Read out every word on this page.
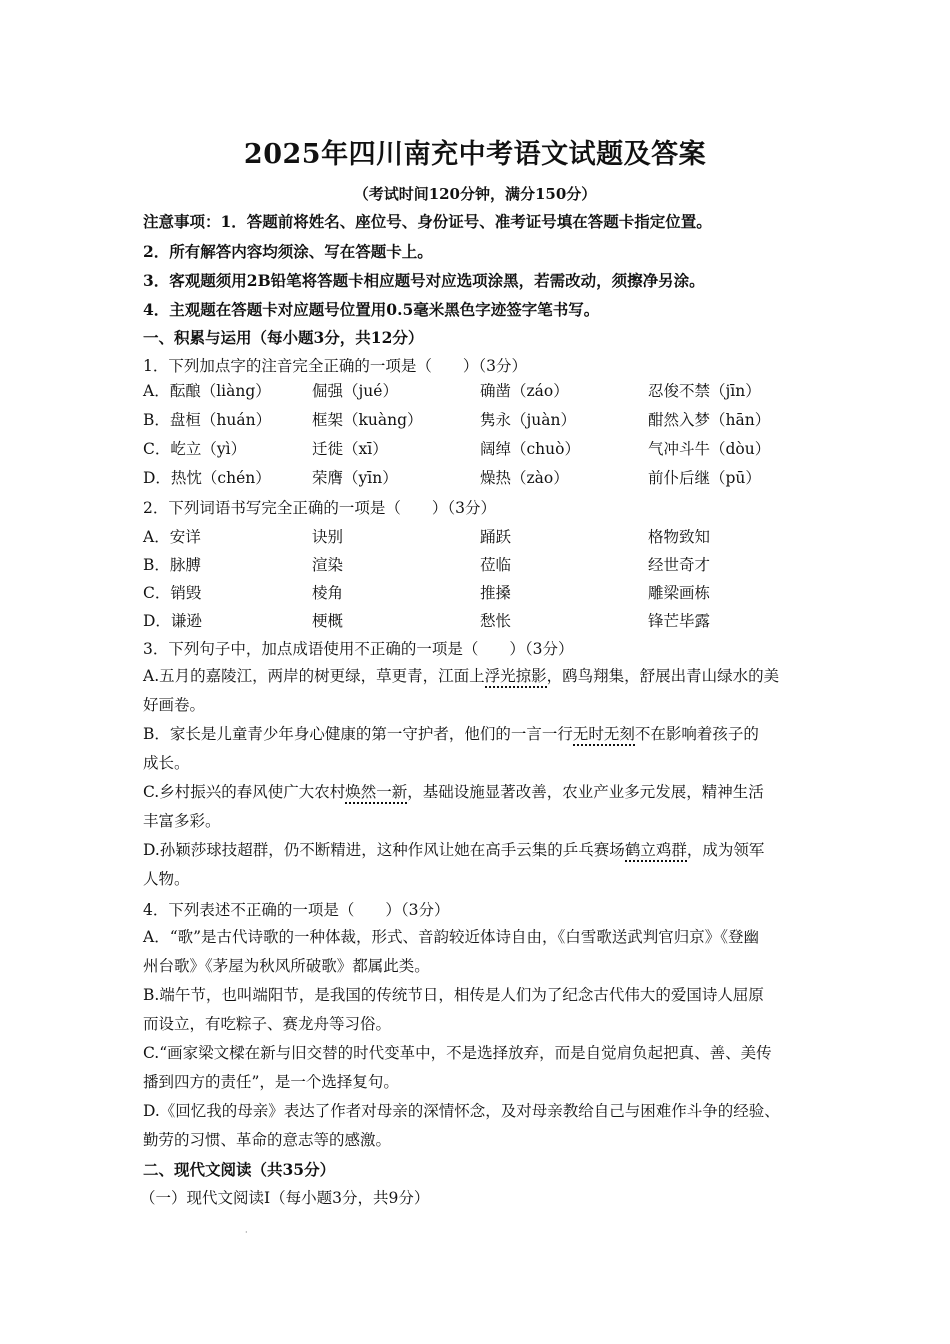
2025年四川南充中考语文试题及答案
（考试时间120分钟，满分150分）
注意事项：1．答题前将姓名、座位号、身份证号、准考证号填在答题卡指定位置。
2．所有解答内容均须涂、写在答题卡上。
3．客观题须用2B铅笔将答题卡相应题号对应选项涂黑，若需改动，须擦净另涂。
4．主观题在答题卡对应题号位置用0.5毫米黑色字迹签字笔书写。
一、积累与运用（每小题3分，共12分）
1．下列加点字的注音完全正确的一项是（　　）（3分）
A．酝酿（liàng）	倔强（jué）	确凿（záo）	忍俊不禁（jīn）
B．盘桓（huán）	框架（kuàng）	隽永（juàn）	酣然入梦（hān）
C．屹立（yì）	迁徙（xī）	阔绰（chuò）	气冲斗牛（dòu）
D．热忱（chén）	荣膺（yīn）	燥热（zào）	前仆后继（pū）
2．下列词语书写完全正确的一项是（　　）（3分）
A．安详	诀别	踊跃	格物致知
B．脉膊	渲染	莅临	经世奇才
C．销毁	棱角	推搡	雕梁画栋
D．谦逊	梗概	愁怅	锋芒毕露
3．下列句子中，加点成语使用不正确的一项是（　　）（3分）
A.五月的嘉陵江，两岸的树更绿，草更青，江面上浮光掠影，鸥鸟翔集，舒展出青山绿水的美
好画卷。
B．家长是儿童青少年身心健康的第一守护者，他们的一言一行无时无刻不在影响着孩子的
成长。
C.乡村振兴的春风使广大农村焕然一新，基础设施显著改善，农业产业多元发展，精神生活
丰富多彩。
D.孙颖莎球技超群，仍不断精进，这种作风让她在高手云集的乒乓赛场鹤立鸡群，成为领军
人物。
4．下列表述不正确的一项是（　　）（3分）
A．“歌”是古代诗歌的一种体裁，形式、音韵较近体诗自由，《白雪歌送武判官归京》《登幽
州台歌》《茅屋为秋风所破歌》都属此类。
B.端午节，也叫端阳节，是我国的传统节日，相传是人们为了纪念古代伟大的爱国诗人屈原
而设立，有吃粽子、赛龙舟等习俗。
C.“画家梁文樑在新与旧交替的时代变革中，不是选择放弃，而是自觉肩负起把真、善、美传
播到四方的责任”，是一个选择复句。
D.《回忆我的母亲》表达了作者对母亲的深情怀念，及对母亲教给自己与困难作斗争的经验、
勤劳的习惯、革命的意志等的感激。
二、现代文阅读（共35分）
（一）现代文阅读Ⅰ（每小题3分，共9分）
·
